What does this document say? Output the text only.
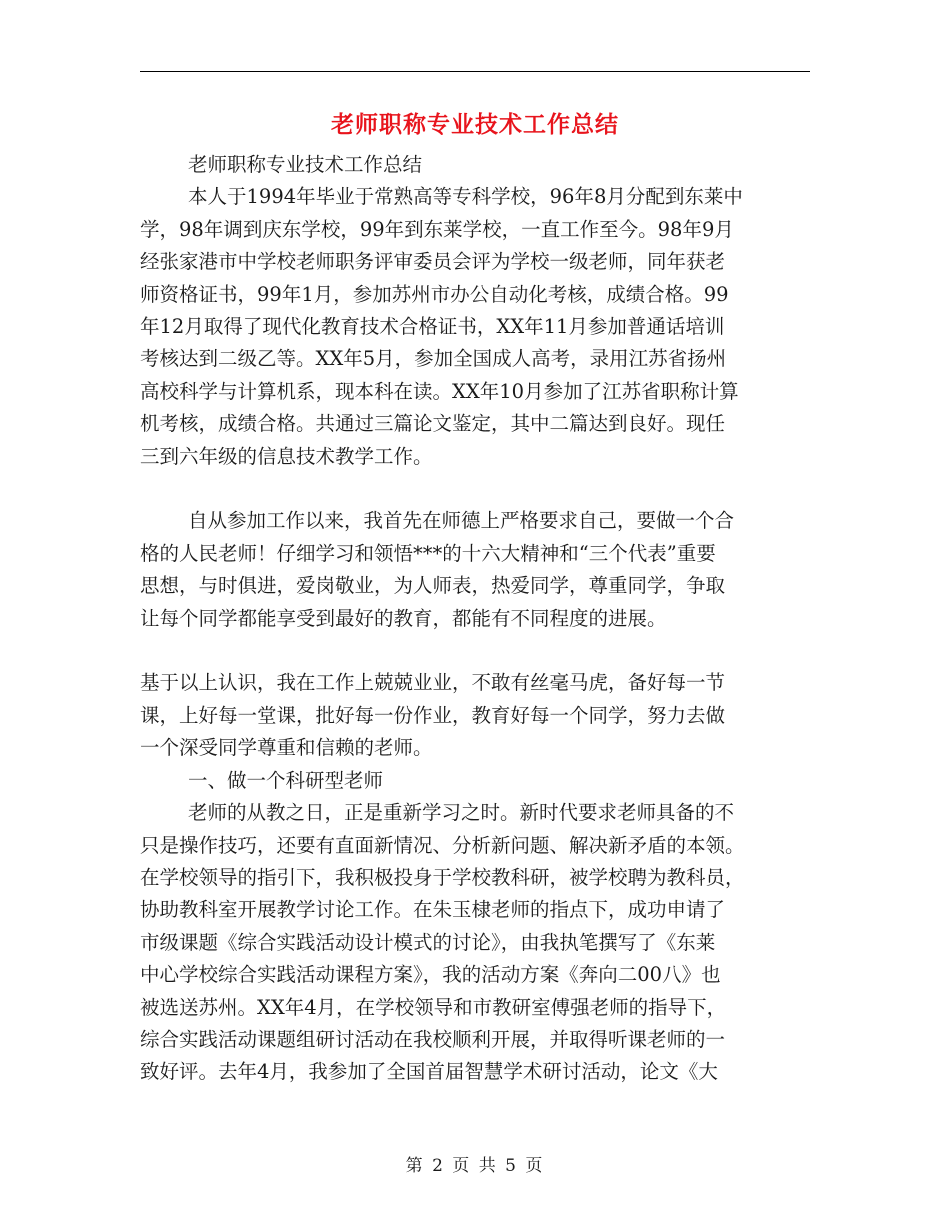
老师职称专业技术工作总结

老师职称专业技术工作总结

本人于1994年毕业于常熟高等专科学校，96年8月分配到东莱中

学，98年调到庆东学校，99年到东莱学校，一直工作至今。98年9月

经张家港市中学校老师职务评审委员会评为学校一级老师，同年获老

师资格证书，99年1月，参加苏州市办公自动化考核，成绩合格。99

年12月取得了现代化教育技术合格证书，XX年11月参加普通话培训

考核达到二级乙等。XX年5月，参加全国成人高考，录用江苏省扬州

高校科学与计算机系，现本科在读。XX年10月参加了江苏省职称计算

机考核，成绩合格。共通过三篇论文鉴定，其中二篇达到良好。现任

三到六年级的信息技术教学工作。

自从参加工作以来，我首先在师德上严格要求自己，要做一个合

格的人民老师！仔细学习和领悟***的十六大精神和“三个代表”重要

思想，与时俱进，爱岗敬业，为人师表，热爱同学，尊重同学，争取

让每个同学都能享受到最好的教育，都能有不同程度的进展。

基于以上认识，我在工作上兢兢业业，不敢有丝毫马虎，备好每一节

课，上好每一堂课，批好每一份作业，教育好每一个同学，努力去做

一个深受同学尊重和信赖的老师。

一、做一个科研型老师

老师的从教之日，正是重新学习之时。新时代要求老师具备的不

只是操作技巧，还要有直面新情况、分析新问题、解决新矛盾的本领。

在学校领导的指引下，我积极投身于学校教科研，被学校聘为教科员，

协助教科室开展教学讨论工作。在朱玉棣老师的指点下，成功申请了

市级课题《综合实践活动设计模式的讨论》，由我执笔撰写了《东莱

中心学校综合实践活动课程方案》，我的活动方案《奔向二00八》也

被选送苏州。XX年4月，在学校领导和市教研室傅强老师的指导下，

综合实践活动课题组研讨活动在我校顺利开展，并取得听课老师的一

致好评。去年4月，我参加了全国首届智慧学术研讨活动，论文《大

第 2 页 共 5 页
